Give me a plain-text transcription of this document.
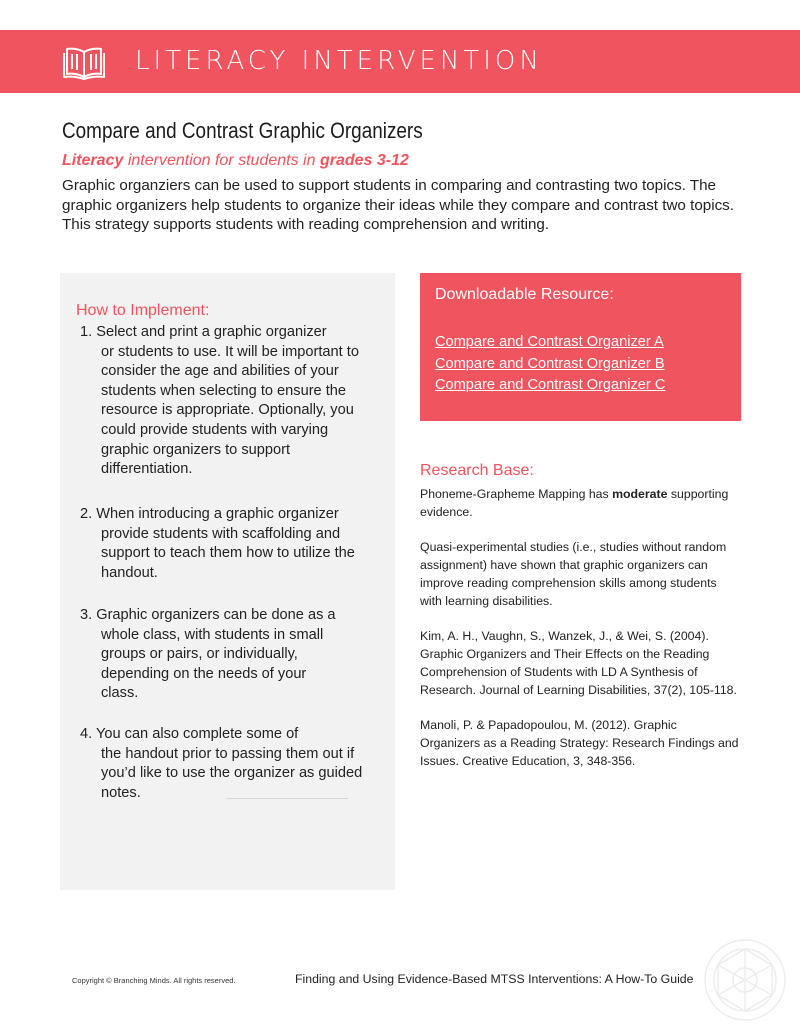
LITERACY INTERVENTION
Compare and Contrast Graphic Organizers
Literacy intervention for students in grades 3-12
Graphic organziers can be used to support students in comparing and contrasting two topics. The graphic organizers help students to organize their ideas while they compare and contrast two topics. This strategy supports students with reading comprehension and writing.
How to Implement:
1. Select and print a graphic organizer
or students to use. It will be important to consider the age and abilities of your students when selecting to ensure the resource is appropriate. Optionally, you could provide students with varying graphic organizers to support differentiation.
2. When introducing a graphic organizer
provide students with scaffolding and support to teach them how to utilize the handout.
3. Graphic organizers can be done as a
whole class, with students in small groups or pairs, or individually, depending on the needs of your class.
4. You can also complete some of
the handout prior to passing them out if you’d like to use the organizer as guided notes.
Downloadable Resource:
Compare and Contrast Organizer A
Compare and Contrast Organizer B
Compare and Contrast Organizer C
Research Base:

Phoneme-Grapheme Mapping has moderate supporting evidence.

Quasi-experimental studies (i.e., studies without random assignment) have shown that graphic organizers can improve reading comprehension skills among students with learning disabilities.

Kim, A. H., Vaughn, S., Wanzek, J., & Wei, S. (2004). Graphic Organizers and Their Effects on the Reading Comprehension of Students with LD A Synthesis of Research. Journal of Learning Disabilities, 37(2), 105-118.

Manoli, P. & Papadopoulou, M. (2012). Graphic Organizers as a Reading Strategy: Research Findings and Issues. Creative Education, 3, 348-356.

Copyright © Branching Minds. All rights reserved.	Finding and Using Evidence-Based MTSS Interventions: A How-To Guide
